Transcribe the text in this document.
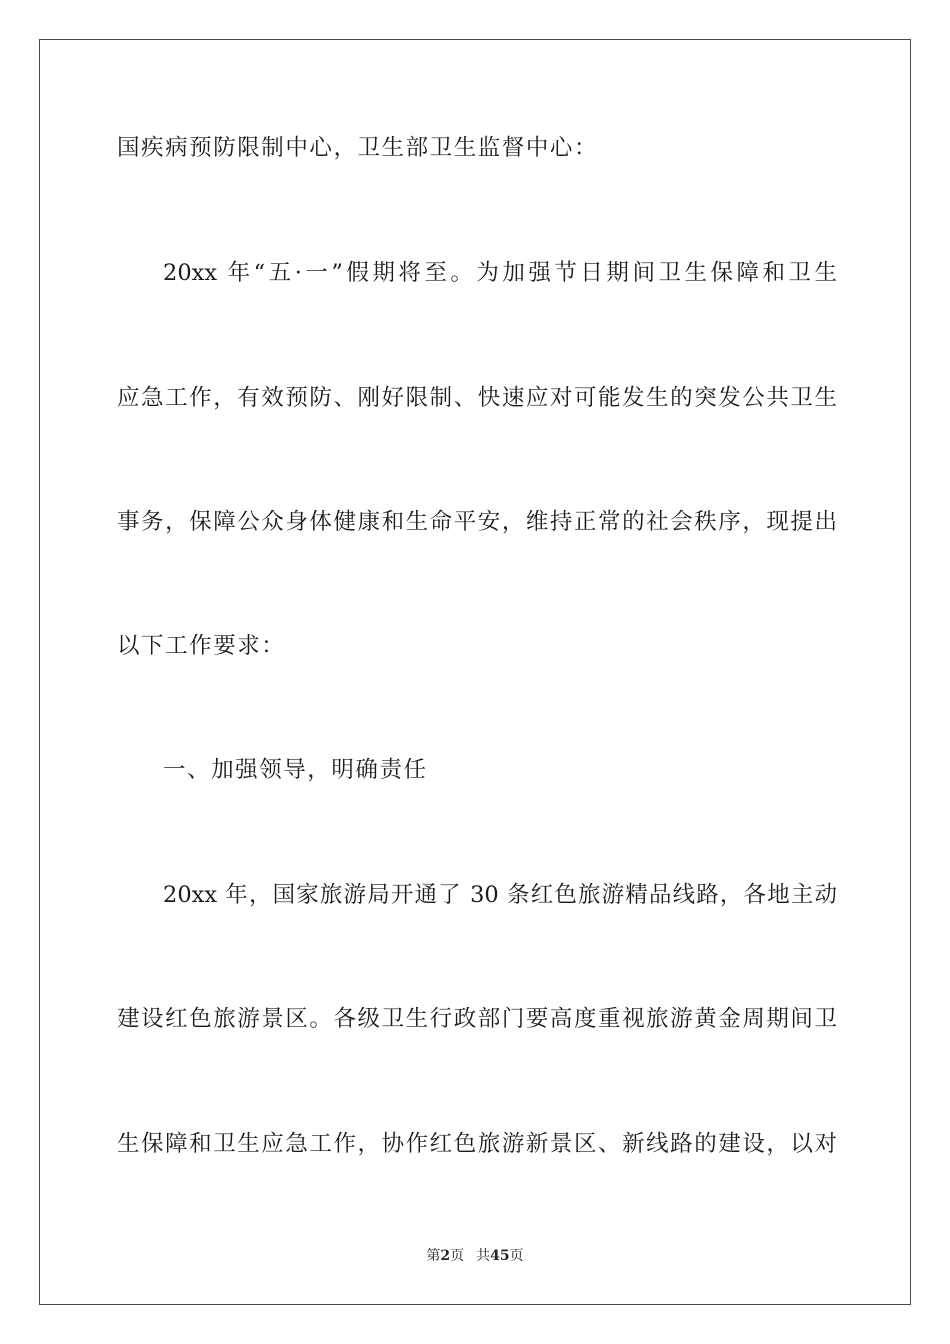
国疾病预防限制中心，卫生部卫生监督中心：

20xx 年“五·一”假期将至。为加强节日期间卫生保障和卫生

应急工作，有效预防、刚好限制、快速应对可能发生的突发公共卫生

事务，保障公众身体健康和生命平安，维持正常的社会秩序，现提出

以下工作要求：

一、加强领导，明确责任

20xx 年，国家旅游局开通了 30 条红色旅游精品线路，各地主动

建设红色旅游景区。各级卫生行政部门要高度重视旅游黄金周期间卫

生保障和卫生应急工作，协作红色旅游新景区、新线路的建设，以对

第2页 共45页
